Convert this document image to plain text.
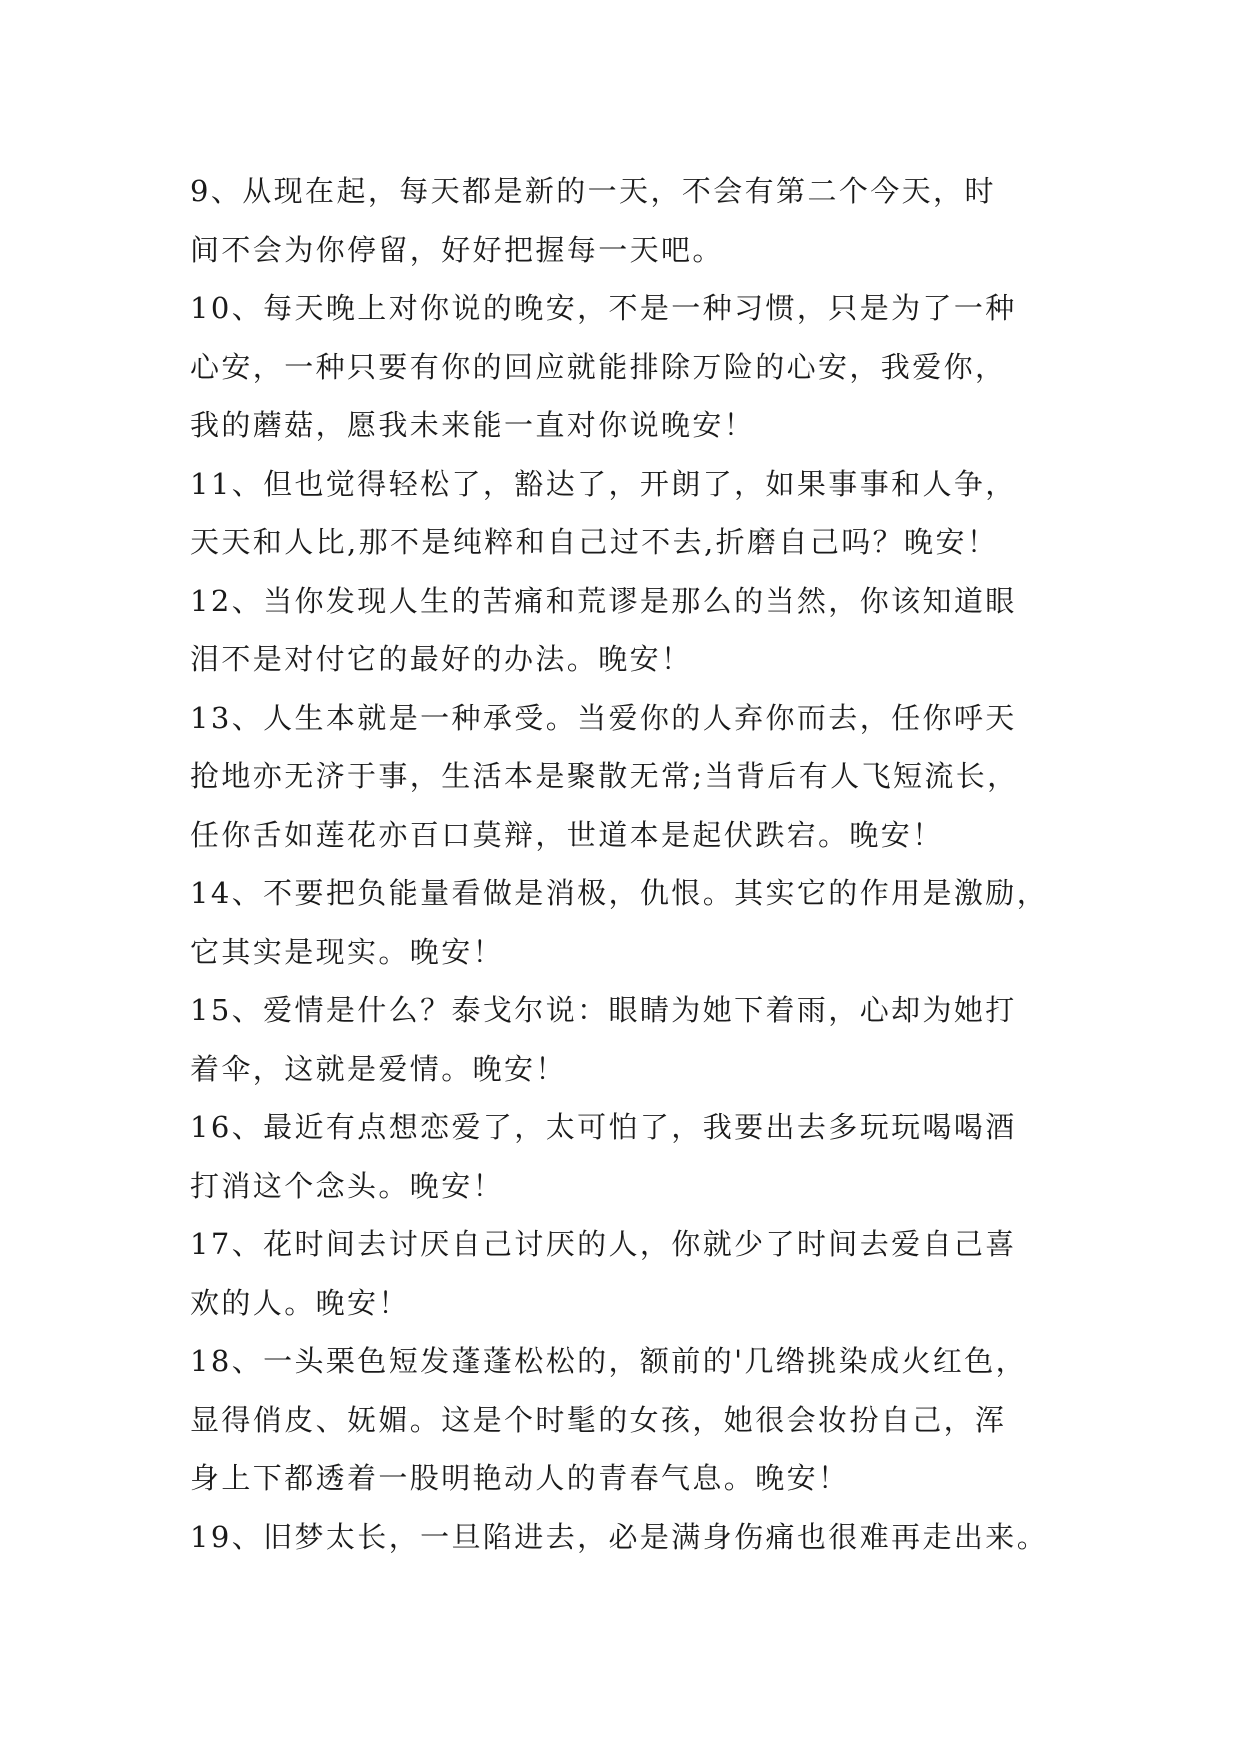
9、从现在起，每天都是新的一天，不会有第二个今天，时
间不会为你停留，好好把握每一天吧。
10、每天晚上对你说的晚安，不是一种习惯，只是为了一种
心安，一种只要有你的回应就能排除万险的心安，我爱你，
我的蘑菇，愿我未来能一直对你说晚安！
11、但也觉得轻松了，豁达了，开朗了，如果事事和人争，
天天和人比,那不是纯粹和自己过不去,折磨自己吗？晚安！
12、当你发现人生的苦痛和荒谬是那么的当然，你该知道眼
泪不是对付它的最好的办法。晚安！
13、人生本就是一种承受。当爱你的人弃你而去，任你呼天
抢地亦无济于事，生活本是聚散无常;当背后有人飞短流长，
任你舌如莲花亦百口莫辩，世道本是起伏跌宕。晚安！
14、不要把负能量看做是消极，仇恨。其实它的作用是激励，
它其实是现实。晚安！
15、爱情是什么？泰戈尔说：眼睛为她下着雨，心却为她打
着伞，这就是爱情。晚安！
16、最近有点想恋爱了，太可怕了，我要出去多玩玩喝喝酒
打消这个念头。晚安！
17、花时间去讨厌自己讨厌的人，你就少了时间去爱自己喜
欢的人。晚安！
18、一头栗色短发蓬蓬松松的，额前的'几绺挑染成火红色，
显得俏皮、妩媚。这是个时髦的女孩，她很会妆扮自己，浑
身上下都透着一股明艳动人的青春气息。晚安！
19、旧梦太长，一旦陷进去，必是满身伤痛也很难再走出来。
